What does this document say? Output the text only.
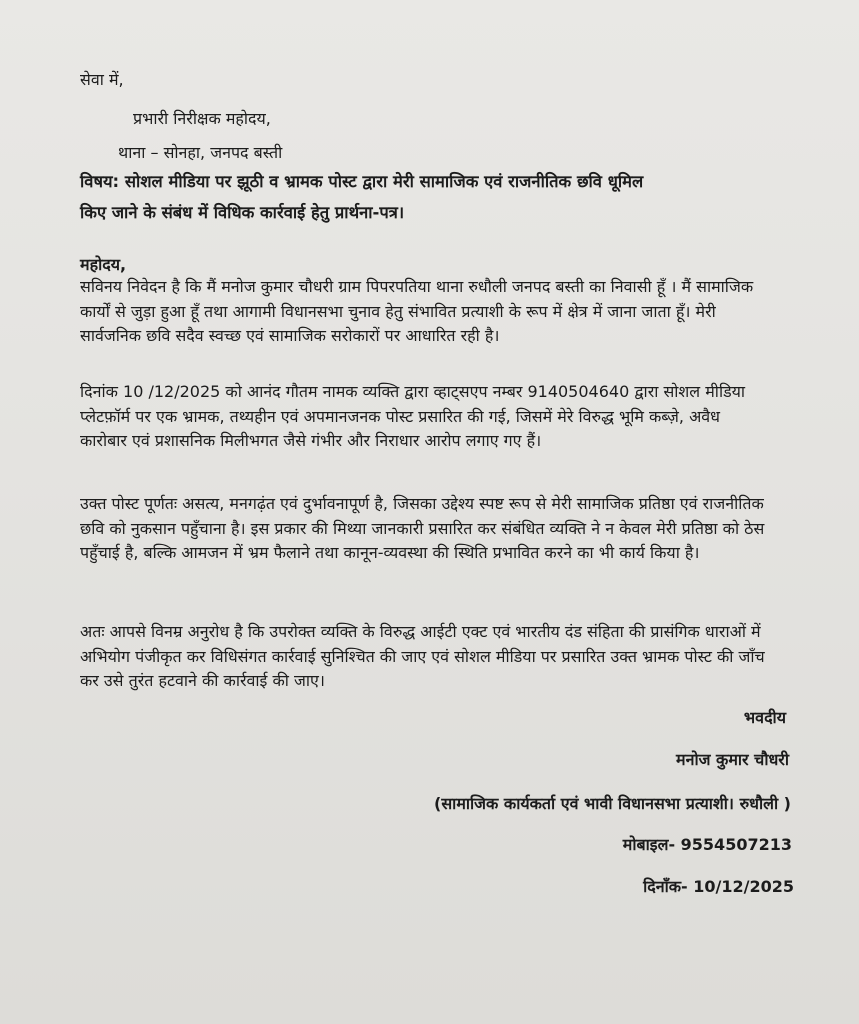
सेवा में,
प्रभारी निरीक्षक महोदय,
थाना – सोनहा, जनपद बस्ती
विषय: सोशल मीडिया पर झूठी व भ्रामक पोस्ट द्वारा मेरी सामाजिक एवं राजनीतिक छवि धूमिल
किए जाने के संबंध में विधिक कार्रवाई हेतु प्रार्थना-पत्र।
महोदय,
सविनय निवेदन है कि मैं मनोज कुमार चौधरी ग्राम पिपरपतिया थाना रुधौली जनपद बस्ती का निवासी हूँ । मैं सामाजिक कार्यों से जुड़ा हुआ हूँ तथा आगामी विधानसभा चुनाव हेतु संभावित प्रत्याशी के रूप में क्षेत्र में जाना जाता हूँ। मेरी सार्वजनिक छवि सदैव स्वच्छ एवं सामाजिक सरोकारों पर आधारित रही है।
दिनांक 10 /12/2025 को आनंद गौतम नामक व्यक्ति द्वारा व्हाट्सएप नम्बर 9140504640 द्वारा सोशल मीडिया प्लेटफ़ॉर्म पर एक भ्रामक, तथ्यहीन एवं अपमानजनक पोस्ट प्रसारित की गई, जिसमें मेरे विरुद्ध भूमि कब्ज़े, अवैध कारोबार एवं प्रशासनिक मिलीभगत जैसे गंभीर और निराधार आरोप लगाए गए हैं।
उक्त पोस्ट पूर्णतः असत्य, मनगढ़ंत एवं दुर्भावनापूर्ण है, जिसका उद्देश्य स्पष्ट रूप से मेरी सामाजिक प्रतिष्ठा एवं राजनीतिक छवि को नुकसान पहुँचाना है। इस प्रकार की मिथ्या जानकारी प्रसारित कर संबंधित व्यक्ति ने न केवल मेरी प्रतिष्ठा को ठेस पहुँचाई है, बल्कि आमजन में भ्रम फैलाने तथा कानून-व्यवस्था की स्थिति प्रभावित करने का भी कार्य किया है।
अतः आपसे विनम्र अनुरोध है कि उपरोक्त व्यक्ति के विरुद्ध आईटी एक्ट एवं भारतीय दंड संहिता की प्रासंगिक धाराओं में अभियोग पंजीकृत कर विधिसंगत कार्रवाई सुनिश्चित की जाए एवं सोशल मीडिया पर प्रसारित उक्त भ्रामक पोस्ट की जाँच कर उसे तुरंत हटवाने की कार्रवाई की जाए।
भवदीय
मनोज कुमार चौधरी
(सामाजिक कार्यकर्ता एवं भावी विधानसभा प्रत्याशी। रुधौली )
मोबाइल- 9554507213
दिनाँक- 10/12/2025
